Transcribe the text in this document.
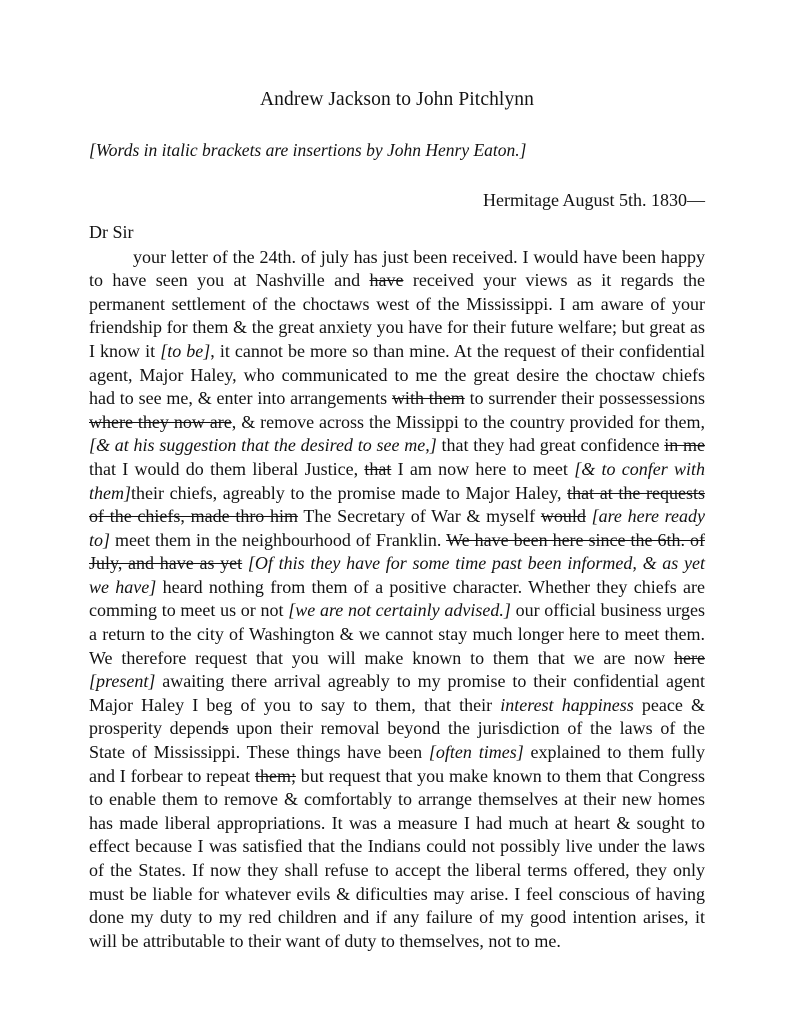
Andrew Jackson to John Pitchlynn

[Words in italic brackets are insertions by John Henry Eaton.]

Hermitage August 5th. 1830—

Dr Sir

your letter of the 24th. of july has just been received. I would have been happy to have seen you at Nashville and have received your views as it regards the permanent settlement of the choctaws west of the Mississippi. I am aware of your friendship for them & the great anxiety you have for their future welfare; but great as I know it [to be], it cannot be more so than mine. At the request of their confidential agent, Major Haley, who communicated to me the great desire the choctaw chiefs had to see me, & enter into arrangements with them to surrender their possessessions where they now are, & remove across the Missippi to the country provided for them, [& at his suggestion that the desired to see me,] that they had great confidence in me that I would do them liberal Justice, that I am now here to meet [& to confer with them]their chiefs, agreably to the promise made to Major Haley, that at the requests of the chiefs, made thro him The Secretary of War & myself would [are here ready to] meet them in the neighbourhood of Franklin. We have been here since the 6th. of July, and have as yet [Of this they have for some time past been informed, & as yet we have] heard nothing from them of a positive character. Whether they chiefs are comming to meet us or not [we are not certainly advised.] our official business urges a return to the city of Washington & we cannot stay much longer here to meet them. We therefore request that you will make known to them that we are now here [present] awaiting there arrival agreably to my promise to their confidential agent Major Haley I beg of you to say to them, that their interest happiness peace & prosperity depends upon their removal beyond the jurisdiction of the laws of the State of Mississippi. These things have been [often times] explained to them fully and I forbear to repeat them; but request that you make known to them that Congress to enable them to remove & comfortably to arrange themselves at their new homes has made liberal appropriations. It was a measure I had much at heart & sought to effect because I was satisfied that the Indians could not possibly live under the laws of the States. If now they shall refuse to accept the liberal terms offered, they only must be liable for whatever evils & dificulties may arise. I feel conscious of having done my duty to my red children and if any failure of my good intention arises, it will be attributable to their want of duty to themselves, not to me.
